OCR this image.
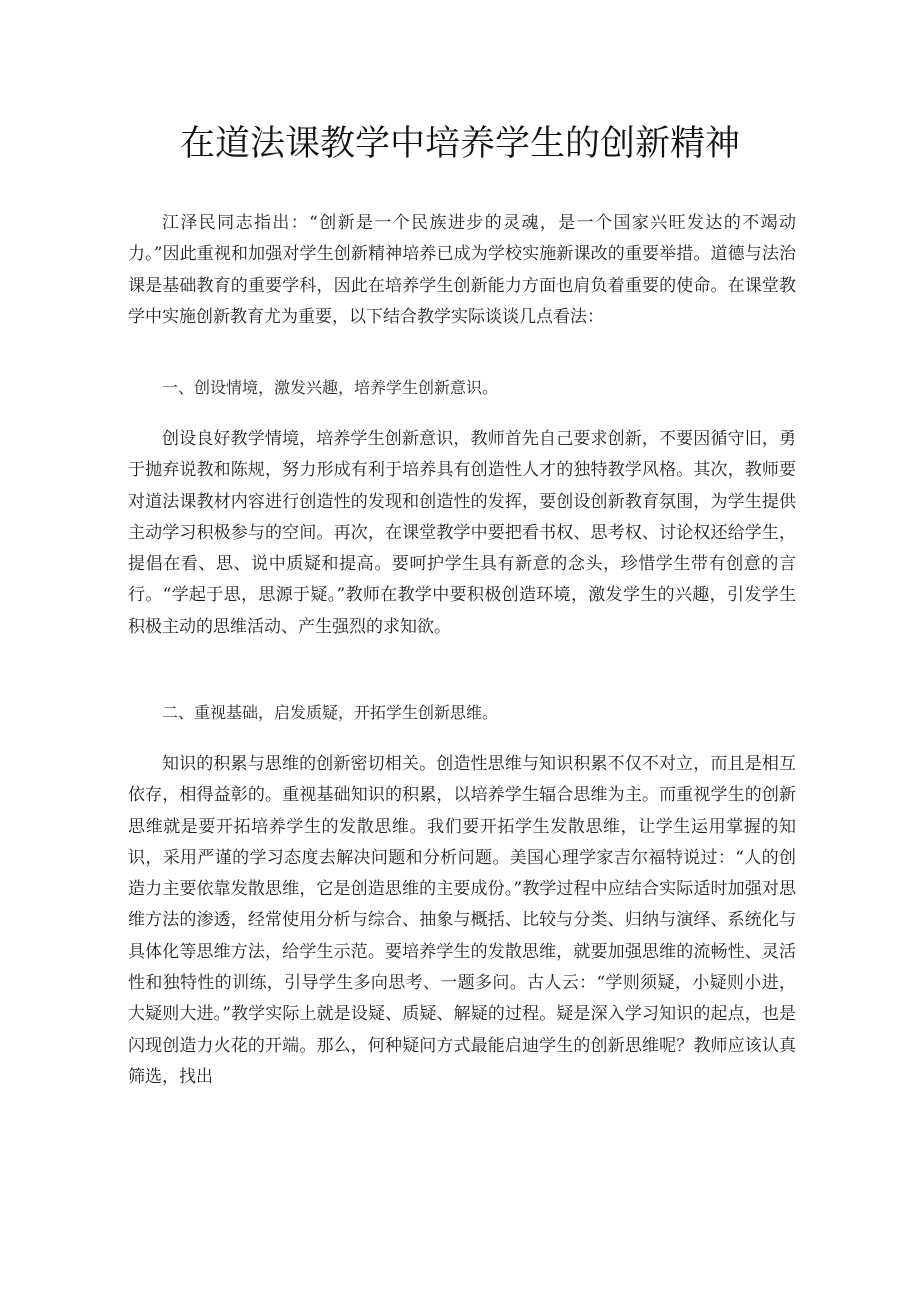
在道法课教学中培养学生的创新精神

江泽民同志指出：“创新是一个民族进步的灵魂，是一个国家兴旺发达的不竭动力。”因此重视和加强对学生创新精神培养已成为学校实施新课改的重要举措。道德与法治课是基础教育的重要学科，因此在培养学生创新能力方面也肩负着重要的使命。在课堂教学中实施创新教育尤为重要，以下结合教学实际谈谈几点看法：

一、创设情境，激发兴趣，培养学生创新意识。

创设良好教学情境，培养学生创新意识，教师首先自己要求创新，不要因循守旧，勇于抛弃说教和陈规，努力形成有利于培养具有创造性人才的独特教学风格。其次，教师要对道法课教材内容进行创造性的发现和创造性的发挥，要创设创新教育氛围，为学生提供主动学习积极参与的空间。再次，在课堂教学中要把看书权、思考权、讨论权还给学生，提倡在看、思、说中质疑和提高。要呵护学生具有新意的念头，珍惜学生带有创意的言行。“学起于思，思源于疑。”教师在教学中要积极创造环境，激发学生的兴趣，引发学生积极主动的思维活动、产生强烈的求知欲。

二、重视基础，启发质疑，开拓学生创新思维。

知识的积累与思维的创新密切相关。创造性思维与知识积累不仅不对立，而且是相互依存，相得益彰的。重视基础知识的积累，以培养学生辐合思维为主。而重视学生的创新思维就是要开拓培养学生的发散思维。我们要开拓学生发散思维，让学生运用掌握的知识，采用严谨的学习态度去解决问题和分析问题。美国心理学家吉尔福特说过：“人的创造力主要依靠发散思维，它是创造思维的主要成份。”教学过程中应结合实际适时加强对思维方法的渗透，经常使用分析与综合、抽象与概括、比较与分类、归纳与演绎、系统化与具体化等思维方法，给学生示范。要培养学生的发散思维，就要加强思维的流畅性、灵活性和独特性的训练，引导学生多向思考、一题多问。古人云：“学则须疑，小疑则小进，大疑则大进。”教学实际上就是设疑、质疑、解疑的过程。疑是深入学习知识的起点，也是闪现创造力火花的开端。那么，何种疑问方式最能启迪学生的创新思维呢？教师应该认真筛选，找出
